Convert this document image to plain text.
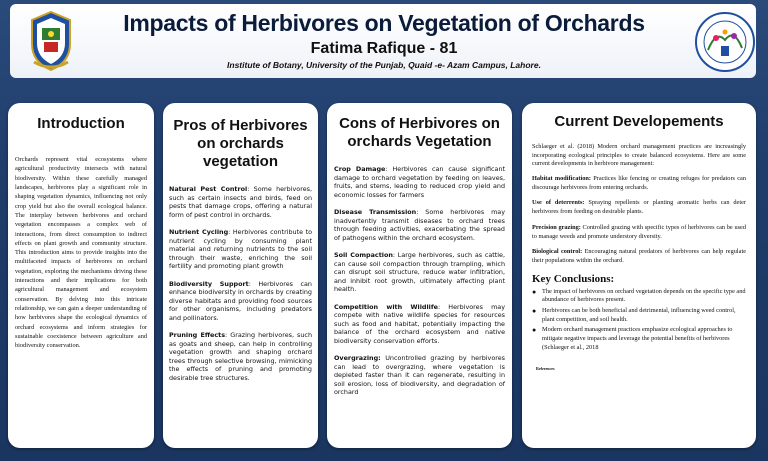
Impacts of Herbivores on Vegetation of Orchards
Fatima Rafique - 81
Institute of Botany, University of the Punjab, Quaid -e- Azam Campus, Lahore.
Introduction
Orchards represent vital ecosystems where agricultural productivity intersects with natural biodiversity. Within these carefully managed landscapes, herbivores play a significant role in shaping vegetation dynamics, influencing not only crop yield but also the overall ecological balance. The interplay between herbivores and orchard vegetation encompasses a complex web of interactions, from direct consumption to indirect effects on plant growth and community structure. This introduction aims to provide insights into the multifaceted impacts of herbivores on orchard vegetation, exploring the mechanisms driving these interactions and their implications for both agricultural management and ecosystem conservation. By delving into this intricate relationship, we can gain a deeper understanding of how herbivores shape the ecological dynamics of orchard ecosystems and inform strategies for sustainable coexistence between agriculture and biodiversity conservation.
Pros of Herbivores on orchards vegetation
Natural Pest Control: Some herbivores, such as certain insects and birds, feed on pests that damage crops, offering a natural form of pest control in orchards.
Nutrient Cycling: Herbivores contribute to nutrient cycling by consuming plant material and returning nutrients to the soil through their waste, enriching the soil fertility and promoting plant growth
Biodiversity Support: Herbivores can enhance biodiversity in orchards by creating diverse habitats and providing food sources for other organisms, including predators and pollinators.
Pruning Effects: Grazing herbivores, such as goats and sheep, can help in controlling vegetation growth and shaping orchard trees through selective browsing, mimicking the effects of pruning and promoting desirable tree structures.
Cons of Herbivores on orchards Vegetation
Crop Damage: Herbivores can cause significant damage to orchard vegetation by feeding on leaves, fruits, and stems, leading to reduced crop yield and economic losses for farmers
Disease Transmission: Some herbivores may inadvertently transmit diseases to orchard trees through feeding activities, exacerbating the spread of pathogens within the orchard ecosystem.
Soil Compaction: Large herbivores, such as cattle, can cause soil compaction through trampling, which can disrupt soil structure, reduce water infiltration, and inhibit root growth, ultimately affecting plant health.
Competition with Wildlife: Herbivores may compete with native wildlife species for resources such as food and habitat, potentially impacting the balance of the orchard ecosystem and native biodiversity conservation efforts.
Overgrazing: Uncontrolled grazing by herbivores can lead to overgrazing, where vegetation is depleted faster than it can regenerate, resulting in soil erosion, loss of biodiversity, and degradation of orchard
Current Developements
Schlaeger et al. (2018) Modern orchard management practices are increasingly incorporating ecological principles to create balanced ecosystems. Here are some current developments in herbivore management:
Habitat modification: Practices like fencing or creating refuges for predators can discourage herbivores from entering orchards.
Use of deterrents: Spraying repellents or planting aromatic herbs can deter herbivores from feeding on desirable plants.
Precision grazing: Controlled grazing with specific types of herbivores can be used to manage weeds and promote understory diversity.
Biological control: Encouraging natural predators of herbivores can help regulate their populations within the orchard.
Key Conclusions:
● The impact of herbivores on orchard vegetation depends on the specific type and abundance of herbivores present.
● Herbivores can be both beneficial and detrimental, influencing weed control, plant competition, and soil health.
● Modern orchard management practices emphasize ecological approaches to mitigate negative impacts and leverage the potential benefits of herbivores (Schlaeger et al., 2018
References
